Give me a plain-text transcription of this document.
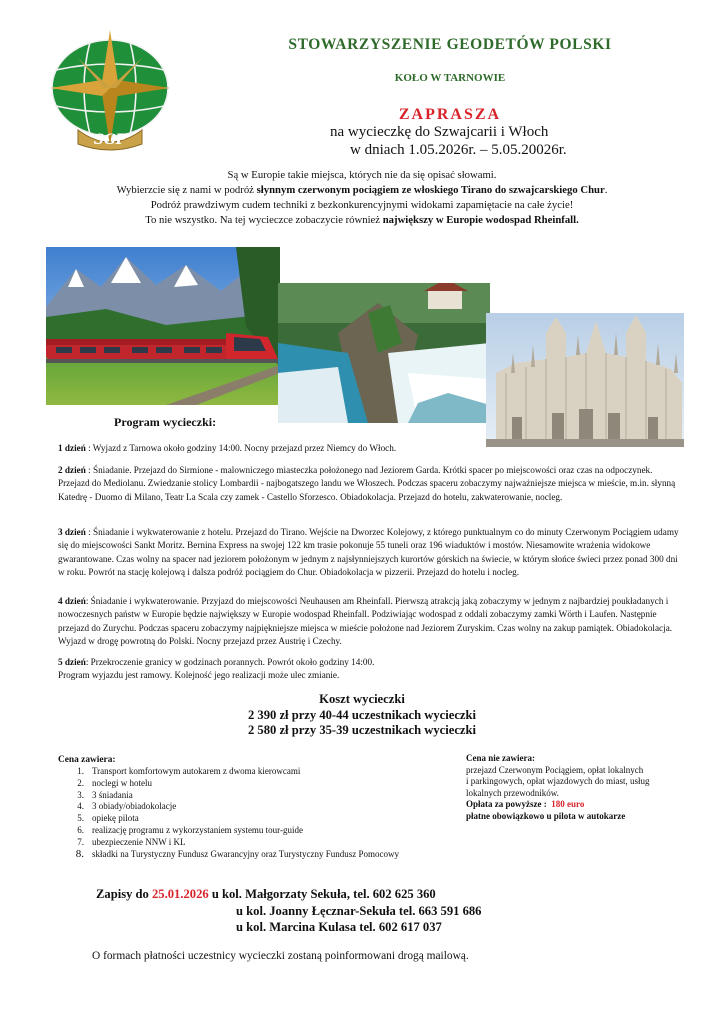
SGP
STOWARZYSZENIE GEODETÓW POLSKI
KOŁO W TARNOWIE
ZAPRASZA
na wycieczkę do Szwajcarii i Włoch
w dniach 1.05.2026r. – 5.05.20026r.
Są w Europie takie miejsca, których nie da się opisać słowami.
Wybierzcie się z nami w podróż słynnym czerwonym pociągiem ze włoskiego Tirano do szwajcarskiego Chur.
Podróż prawdziwym cudem techniki z bezkonkurencyjnymi widokami zapamiętacie na całe życie!
To nie wszystko. Na tej wycieczce zobaczycie również największy w Europie wodospad Rheinfall.
Program wycieczki:
1 dzień : Wyjazd z Tarnowa około godziny 14:00. Nocny przejazd przez Niemcy do Włoch.
2 dzień : Śniadanie. Przejazd do Sirmione - malowniczego miasteczka położonego nad Jeziorem Garda. Krótki spacer po miejscowości oraz czas na odpoczynek. Przejazd do Mediolanu. Zwiedzanie stolicy Lombardii - najbogatszego landu we Włoszech. Podczas spaceru zobaczymy najważniejsze miejsca w mieście, m.in. słynną Katedrę - Duomo di Milano, Teatr La Scala czy zamek - Castello Sforzesco. Obiadokolacja. Przejazd do hotelu, zakwaterowanie, nocleg.
3 dzień : Śniadanie i wykwaterowanie z hotelu. Przejazd do Tirano. Wejście na Dworzec Kolejowy, z którego punktualnym co do minuty Czerwonym Pociągiem udamy się do miejscowości Sankt Moritz. Bernina Express na swojej 122 km trasie pokonuje 55 tuneli oraz 196 wiaduktów i mostów. Niesamowite wrażenia widokowe gwarantowane. Czas wolny na spacer nad jeziorem położonym w jednym z najsłynniejszych kurortów górskich na świecie, w którym słońce świeci przez ponad 300 dni w roku. Powrót na stację kolejową i dalsza podróż pociągiem do Chur. Obiadokolacja w pizzerii. Przejazd do hotelu i nocleg.
4 dzień: Śniadanie i wykwaterowanie. Przyjazd do miejscowości Neuhausen am Rheinfall. Pierwszą atrakcją jaką zobaczymy w jednym z najbardziej poukładanych i nowoczesnych państw w Europie będzie największy w Europie wodospad Rheinfall. Podziwiając wodospad z oddali zobaczymy zamki Wörth i Laufen. Następnie przejazd do Zurychu. Podczas spaceru zobaczymy najpiękniejsze miejsca w mieście położone nad Jeziorem Zuryskim. Czas wolny na zakup pamiątek. Obiadokolacja. Wyjazd w drogę powrotną do Polski. Nocny przejazd przez Austrię i Czechy.
5 dzień: Przekroczenie granicy w godzinach porannych. Powrót około godziny 14:00.
Program wyjazdu jest ramowy. Kolejność jego realizacji może ulec zmianie.
Koszt wycieczki
2 390 zł przy 40-44 uczestnikach wycieczki
2 580 zł przy 35-39 uczestnikach wycieczki
Cena zawiera:
1. Transport komfortowym autokarem z dwoma kierowcami
2. noclegi w hotelu
3. 3 śniadania
4. 3 obiady/obiadokolacje
5. opiekę pilota
6. realizację programu z wykorzystaniem systemu tour-guide
7. ubezpieczenie NNW i KL
8. składki na Turystyczny Fundusz Gwarancyjny oraz Turystyczny Fundusz Pomocowy
Cena nie zawiera:
przejazd Czerwonym Pociągiem, opłat lokalnych
i parkingowych, opłat wjazdowych do miast, usług
lokalnych przewodników.
Opłata za powyższe : 180 euro
płatne obowiązkowo u pilota w autokarze
Zapisy do 25.01.2026 u kol. Małgorzaty Sekuła, tel. 602 625 360
u kol. Joanny Łęcznar-Sekuła tel. 663 591 686
u kol. Marcina Kulasa tel. 602 617 037
O formach płatności uczestnicy wycieczki zostaną poinformowani drogą mailową.
